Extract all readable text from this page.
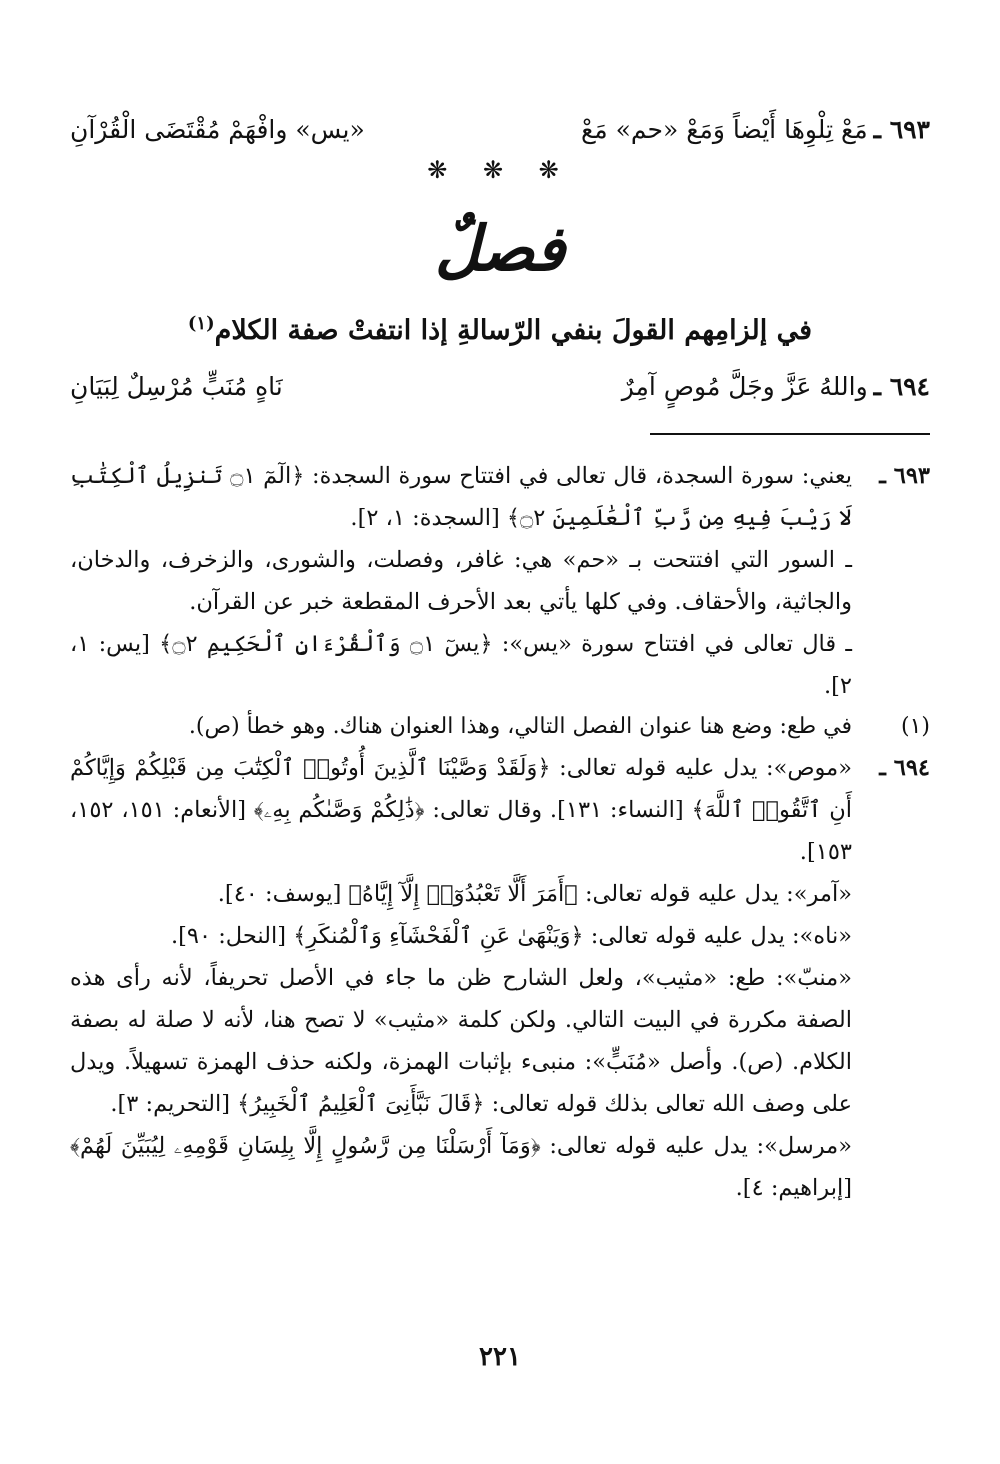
٦٩٣ ـ
مَعْ تِلْوِهَا أَيْضاً وَمَعْ «حم» مَعْ
«يس» وافْهَمْ مُقْتَضَى الْقُرْآنِ
❋ ❋ ❋
فصلٌ
في إلزامِهم القولَ بنفي الرّسالةِ إذا انتفتْ صفة الكلام$^{(١)}$
٦٩٤ ـ
واللهُ عَزَّ وجَلَّ مُوصٍ آمِرٌ
نَاهٍ مُنَبٍّ مُرْسِلٌ لِبَيَانِ
٦٩٣ ـ

يعني: سورة السجدة، قال تعالى في افتتاح سورة السجدة: ﴿الٓمٓ ۝١ تَنزِيلُ ٱلْكِتَٰبِ لَا رَيْبَ فِيهِ مِن رَّبِّ ٱلْعَٰلَمِينَ ۝٢﴾ [السجدة: ١، ٢].

ـ السور التي افتتحت بـ «حم» هي: غافر، وفصلت، والشورى، والزخرف، والدخان، والجاثية، والأحقاف. وفي كلها يأتي بعد الأحرف المقطعة خبر عن القرآن.

ـ قال تعالى في افتتاح سورة «يس»: ﴿يسٓ ۝١ وَٱلْقُرْءَانِ ٱلْحَكِيمِ ۝٢﴾ [يس: ١، ٢].

(١)
في طع: وضع هنا عنوان الفصل التالي، وهذا العنوان هناك. وهو خطأ (ص).
٦٩٤ ـ

«موص»: يدل عليه قوله تعالى: ﴿وَلَقَدْ وَصَّيْنَا ٱلَّذِينَ أُوتُوا۟ ٱلْكِتَٰبَ مِن قَبْلِكُمْ وَإِيَّاكُمْ أَنِ ٱتَّقُوا۟ ٱللَّهَ﴾ [النساء: ١٣١]. وقال تعالى: ﴿ذَٰلِكُمْ وَصَّىٰكُم بِهِۦ﴾ [الأنعام: ١٥١، ١٥٢، ١٥٣].

«آمر»: يدل عليه قوله تعالى: ﴿أَمَرَ أَلَّا تَعْبُدُوٓا۟ إِلَّآ إِيَّاهُ﴾ [يوسف: ٤٠].

«ناه»: يدل عليه قوله تعالى: ﴿وَيَنْهَىٰ عَنِ ٱلْفَحْشَآءِ وَٱلْمُنكَرِ﴾ [النحل: ٩٠].

«منبّ»: طع: «مثيب»، ولعل الشارح ظن ما جاء في الأصل تحريفاً، لأنه رأى هذه الصفة مكررة في البيت التالي. ولكن كلمة «مثيب» لا تصح هنا، لأنه لا صلة له بصفة الكلام. (ص). وأصل «مُنَبٍّ»: منبىء بإثبات الهمزة، ولكنه حذف الهمزة تسهيلاً. ويدل على وصف الله تعالى بذلك قوله تعالى: ﴿قَالَ نَبَّأَنِىَ ٱلْعَلِيمُ ٱلْخَبِيرُ﴾ [التحريم: ٣].

«مرسل»: يدل عليه قوله تعالى: ﴿وَمَآ أَرْسَلْنَا مِن رَّسُولٍ إِلَّا بِلِسَانِ قَوْمِهِۦ لِيُبَيِّنَ لَهُمْ﴾ [إبراهيم: ٤].

٢٢١
